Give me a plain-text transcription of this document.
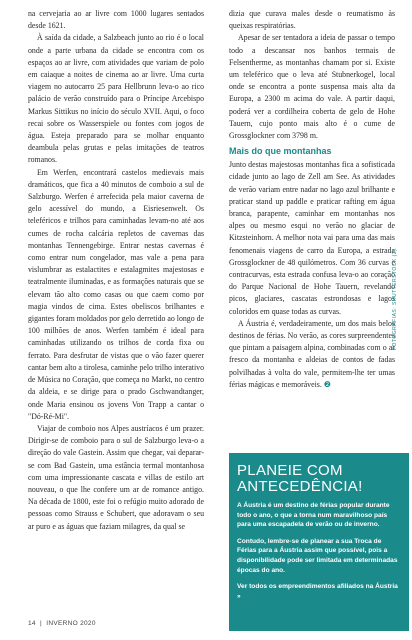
na cervejaria ao ar livre com 1000 lugares sentados desde 1621.

À saída da cidade, a Salzbeach junto ao rio é o local onde a parte urbana da cidade se encontra com os espaços ao ar livre, com atividades que variam de polo em caiaque a noites de cinema ao ar livre. Uma curta viagem no autocarro 25 para Hellbrunn leva-o ao rico palácio de verão construído para o Príncipe Arcebispo Markus Sittikus no início do século XVII. Aqui, o foco recai sobre os Wasserspiele ou fontes com jogos de água. Esteja preparado para se molhar enquanto deambula pelas grutas e pelas imitações de teatros romanos.

Em Werfen, encontrará castelos medievais mais dramáticos, que fica a 40 minutos de comboio a sul de Salzburgo. Werfen é arrefecida pela maior caverna de gelo acessível do mundo, a Eisriesenwelt. Os teleféricos e trilhos para caminhadas levam-no até aos cumes de rocha calcária repletos de cavernas das montanhas Tennengebirge. Entrar nestas cavernas é como entrar num congelador, mas vale a pena para vislumbrar as estalactites e estalagmites majestosas e teatralmente iluminadas, e as formações naturais que se elevam tão alto como casas ou que caem como por magia vindos de cima. Estes obeliscos brilhantes e gigantes foram moldados por gelo derretido ao longo de 100 milhões de anos. Werfen também é ideal para caminhadas utilizando os trilhos de corda fixa ou ferrato. Para desfrutar de vistas que o vão fazer querer cantar bem alto a tirolesa, caminhe pelo trilho interativo de Música no Coração, que começa no Markt, no centro da aldeia, e se dirige para o prado Gschwandtanger, onde Maria ensinou os jovens Von Trapp a cantar o "Dó-Ré-Mi".

Viajar de comboio nos Alpes austríacos é um prazer. Dirigir-se de comboio para o sul de Salzburgo leva-o a direção do vale Gastein. Assim que chegar, vai deparar-se com Bad Gastein, uma estância termal montanhosa com uma impressionante cascata e villas de estilo art nouveau, o que lhe confere um ar de romance antigo. Na década de 1800, este foi o refúgio muito adorado de pessoas como Strauss e Schubert, que adoravam o seu ar puro e as águas que faziam milagres, da qual se

dizia que curava males desde o reumatismo às queixas respiratórias.

Apesar de ser tentadora a ideia de passar o tempo todo a descansar nos banhos termais de Felsentherme, as montanhas chamam por si. Existe um teleférico que o leva até Stubnerkogel, local onde se encontra a ponte suspensa mais alta da Europa, a 2300 m acima do vale. A partir daqui, poderá ver a cordilheira coberta de gelo de Hohe Tauern, cujo ponto mais alto é o cume de Grossglockner com 3798 m.

Mais do que montanhas

Junto destas majestosas montanhas fica a sofisticada cidade junto ao lago de Zell am See. As atividades de verão variam entre nadar no lago azul brilhante e praticar stand up paddle e praticar rafting em água branca, parapente, caminhar em montanhas nos alpes ou mesmo esqui no verão no glaciar de Kitzsteinhorn. A melhor nota vai para uma das mais fenomenais viagens de carro da Europa, a estrada Grossglockner de 48 quilómetros. Com 36 curvas e contracurvas, esta estrada confusa leva-o ao coração do Parque Nacional de Hohe Tauern, revelando picos, glaciares, cascatas estrondosas e lagos coloridos em quase todas as curvas.

A Áustria é, verdadeiramente, um dos mais belos destinos de férias. No verão, as cores surpreendentes que pintam a paisagem alpina, combinadas com o ar fresco da montanha e aldeias de contos de fadas polvilhadas à volta do vale, permitem-lhe ter umas férias mágicas e memoráveis. ❷

FOTOGRAFIAS: SHUTTERSTOCK (2).
PLANEIE COM ANTECEDÊNCIA!

A Áustria é um destino de férias popular durante todo o ano, o que a torna num maravilhoso país para uma escapadela de verão ou de inverno.

Contudo, lembre-se de planear a sua Troca de Férias para a Áustria assim que possível, pois a disponibilidade pode ser limitada em determinadas épocas do ano.

Ver todos os empreendimentos afiliados na Áustria »

14  |  INVERNO 2020
